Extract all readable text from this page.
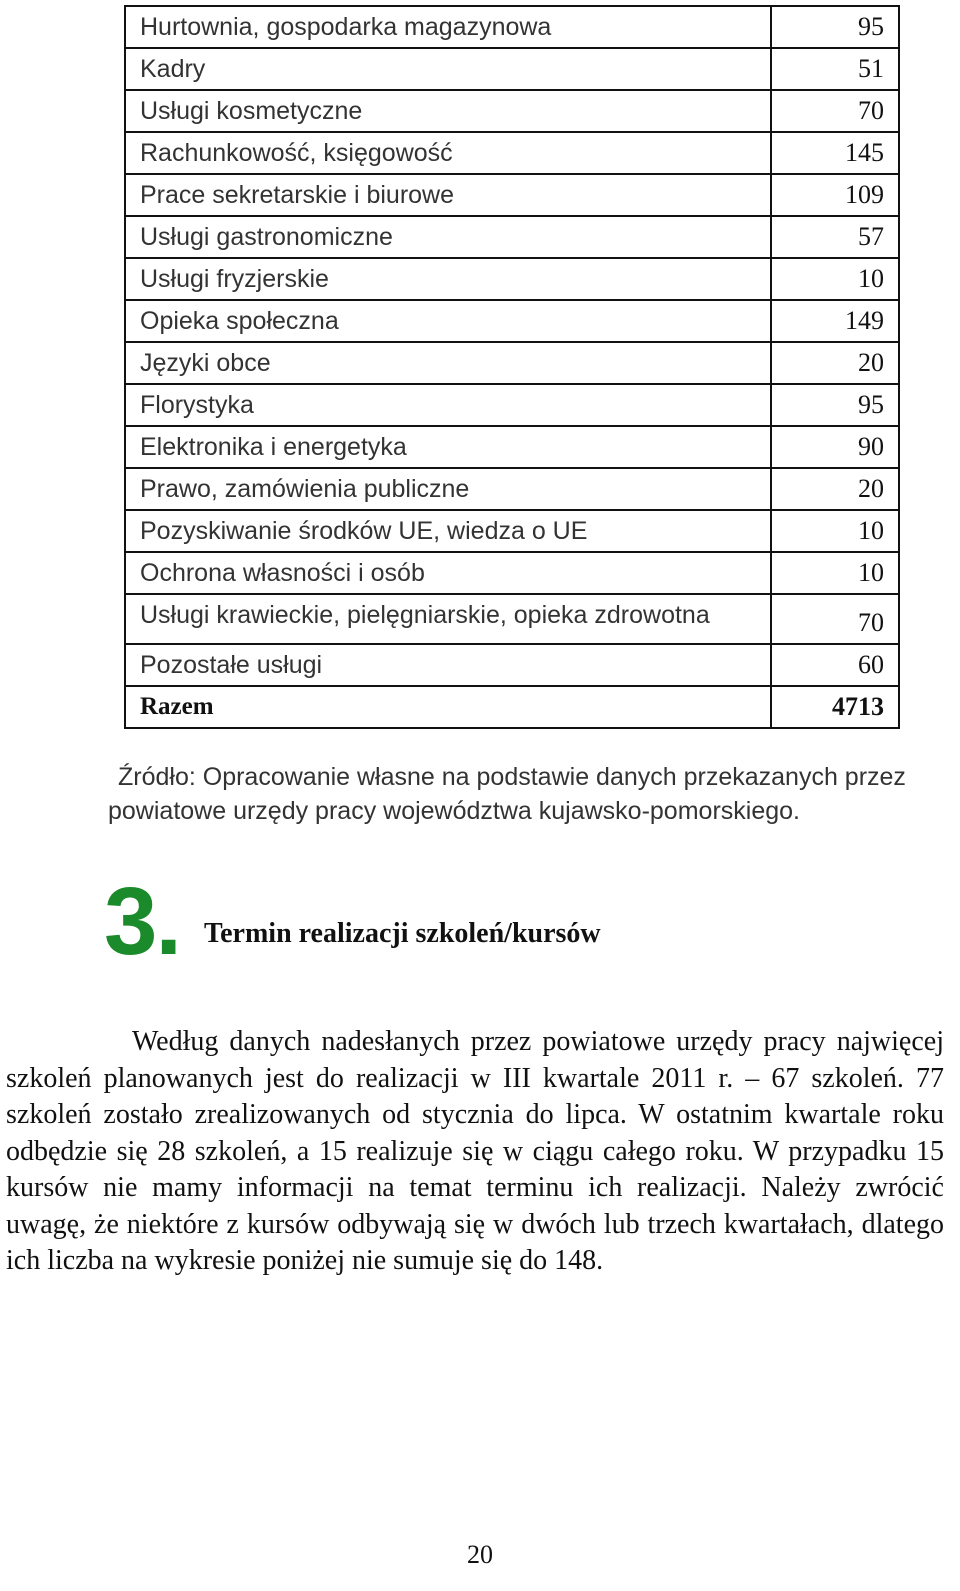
Hurtownia, gospodarka magazynowa	95
Kadry	51
Usługi kosmetyczne	70
Rachunkowość, księgowość	145
Prace sekretarskie i biurowe	109
Usługi gastronomiczne	57
Usługi fryzjerskie	10
Opieka społeczna	149
Języki obce	20
Florystyka	95
Elektronika i energetyka	90
Prawo, zamówienia publiczne	20
Pozyskiwanie środków UE, wiedza o UE	10
Ochrona własności i osób	10
Usługi krawieckie, pielęgniarskie, opieka zdrowotna	70
Pozostałe usługi	60
Razem	4713
Źródło: Opracowanie własne na podstawie danych przekazanych przez
powiatowe urzędy pracy województwa kujawsko-pomorskiego.
3. Termin realizacji szkoleń/kursów

Według danych nadesłanych przez powiatowe urzędy pracy najwięcej szkoleń planowanych jest do realizacji w III kwartale 2011 r. – 67 szkoleń. 77 szkoleń zostało zrealizowanych od stycznia do lipca. W ostatnim kwartale roku odbędzie się 28 szkoleń, a 15 realizuje się w ciągu całego roku. W przypadku 15 kursów nie mamy informacji na temat terminu ich realizacji. Należy zwrócić uwagę, że niektóre z kursów odbywają się w dwóch lub trzech kwartałach, dlatego ich liczba na wykresie poniżej nie sumuje się do 148.

20
